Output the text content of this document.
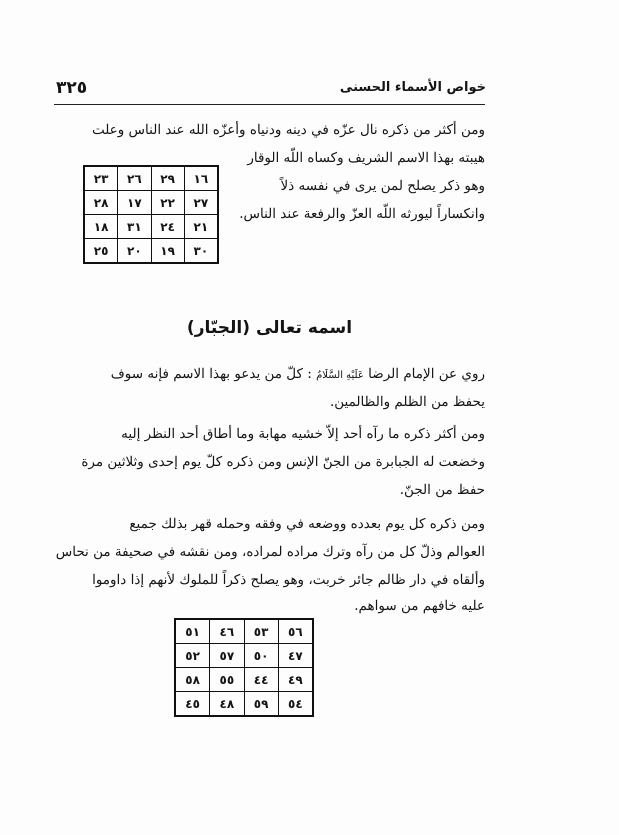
٣٢٥	خواص الأسماء الحسنى

ومن أكثر من ذكره نال عزّه في دينه ودنياه وأعزّه الله عند الناس وعلت

هيبته بهذا الاسم الشريف وكساه اللّه الوقار

وهو ذكر يصلح لمن يرى في نفسه ذلاً

وانكساراً ليورثه اللّه العزّ والرفعة عند الناس.

١٦	٢٩	٢٦	٢٣
٢٧	٢٢	١٧	٢٨
٢١	٢٤	٣١	١٨
٣٠	١٩	٢٠	٢٥
اسمه تعالى (الجبّار)

روي عن الإمام الرضا عَلَيْهِ السَّلَامُ : كلّ من يدعو بهذا الاسم فإنه سوف

يحفظ من الظلم والظالمين.

ومن أكثر ذكره ما رآه أحد إلاّ خشيه مهابة وما أطاق أحد النظر إليه

وخضعت له الجبابرة من الجنّ الإنس ومن ذكره كلّ يوم إحدى وثلاثين مرة

حفظ من الجنّ.

ومن ذكره كل يوم بعدده ووضعه في وفقه وحمله قهر بذلك جميع

العوالم وذلّ كل من رآه وترك مراده لمراده، ومن نقشه في صحيفة من نحاس

وألقاه في دار ظالم جائر خربت، وهو يصلح ذكراً للملوك لأنهم إذا داوموا

عليه خافهم من سواهم.

٥٦	٥٣	٤٦	٥١
٤٧	٥٠	٥٧	٥٢
٤٩	٤٤	٥٥	٥٨
٥٤	٥٩	٤٨	٤٥
